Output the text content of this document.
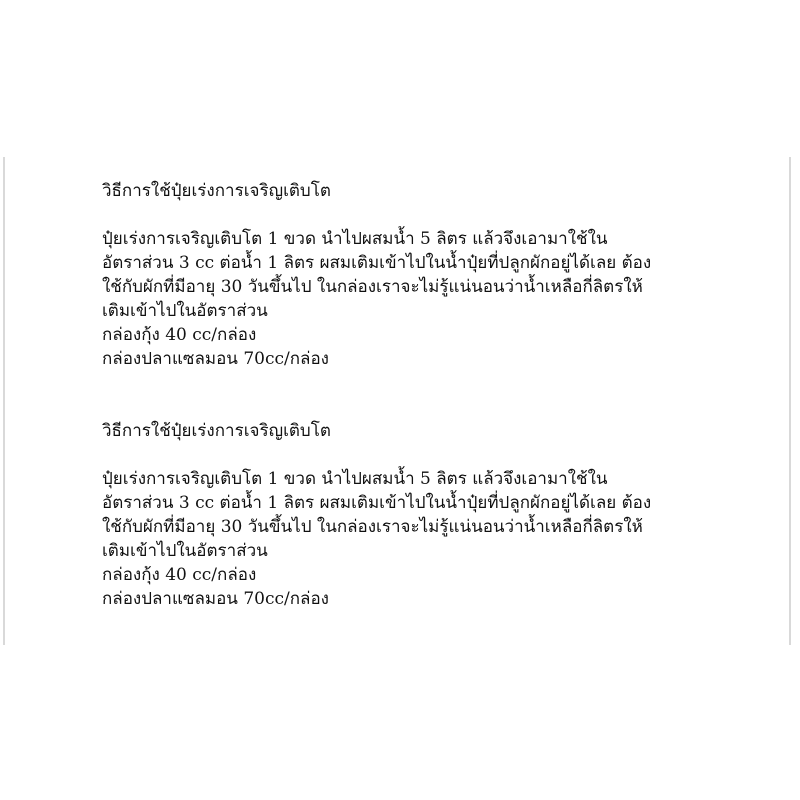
วิธีการใช้ปุ๋ยเร่งการเจริญเติบโต

ปุ๋ยเร่งการเจริญเติบโต 1 ขวด นำไปผสมน้ำ 5 ลิตร แล้วจึงเอามาใช้ใน

อัตราส่วน 3 cc ต่อน้ำ 1 ลิตร ผสมเติมเข้าไปในน้ำปุ๋ยที่ปลูกผักอยู่ได้เลย ต้อง

ใช้กับผักที่มีอายุ 30 วันขึ้นไป ในกล่องเราจะไม่รู้แน่นอนว่าน้ำเหลือกี่ลิตรให้

เติมเข้าไปในอัตราส่วน

กล่องกุ้ง 40 cc/กล่อง

กล่องปลาแซลมอน 70cc/กล่อง

วิธีการใช้ปุ๋ยเร่งการเจริญเติบโต

ปุ๋ยเร่งการเจริญเติบโต 1 ขวด นำไปผสมน้ำ 5 ลิตร แล้วจึงเอามาใช้ใน

อัตราส่วน 3 cc ต่อน้ำ 1 ลิตร ผสมเติมเข้าไปในน้ำปุ๋ยที่ปลูกผักอยู่ได้เลย ต้อง

ใช้กับผักที่มีอายุ 30 วันขึ้นไป ในกล่องเราจะไม่รู้แน่นอนว่าน้ำเหลือกี่ลิตรให้

เติมเข้าไปในอัตราส่วน

กล่องกุ้ง 40 cc/กล่อง

กล่องปลาแซลมอน 70cc/กล่อง
